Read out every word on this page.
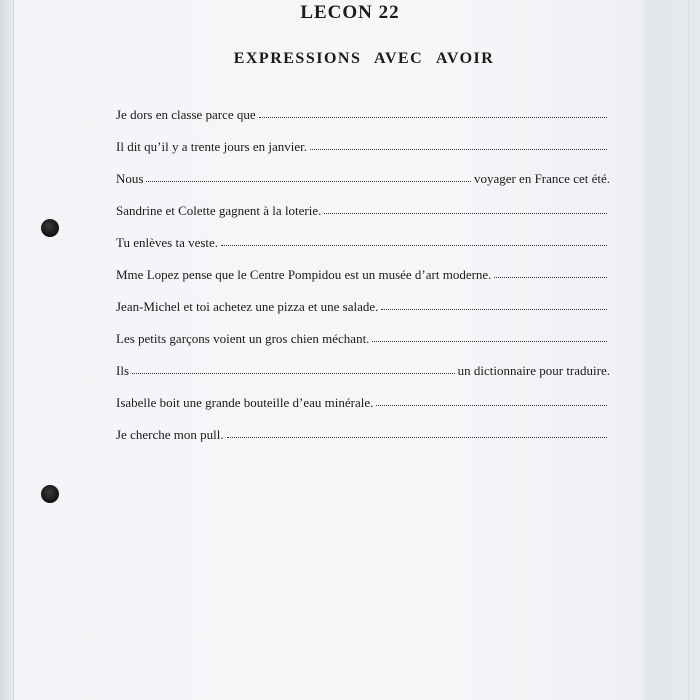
LECON 22
EXPRESSIONS AVEC AVOIR
Je dors en classe parce que
Il dit qu’il y a trente jours en janvier.
Nous	voyager en France cet été.
Sandrine et Colette gagnent à la loterie.
Tu enlèves ta veste.
Mme Lopez pense que le Centre Pompidou est un musée d’art moderne.
Jean-Michel et toi achetez une pizza et une salade.
Les petits garçons voient un gros chien méchant.
Ils	un dictionnaire pour traduire.
Isabelle boit une grande bouteille d’eau minérale.
Je cherche mon pull.
